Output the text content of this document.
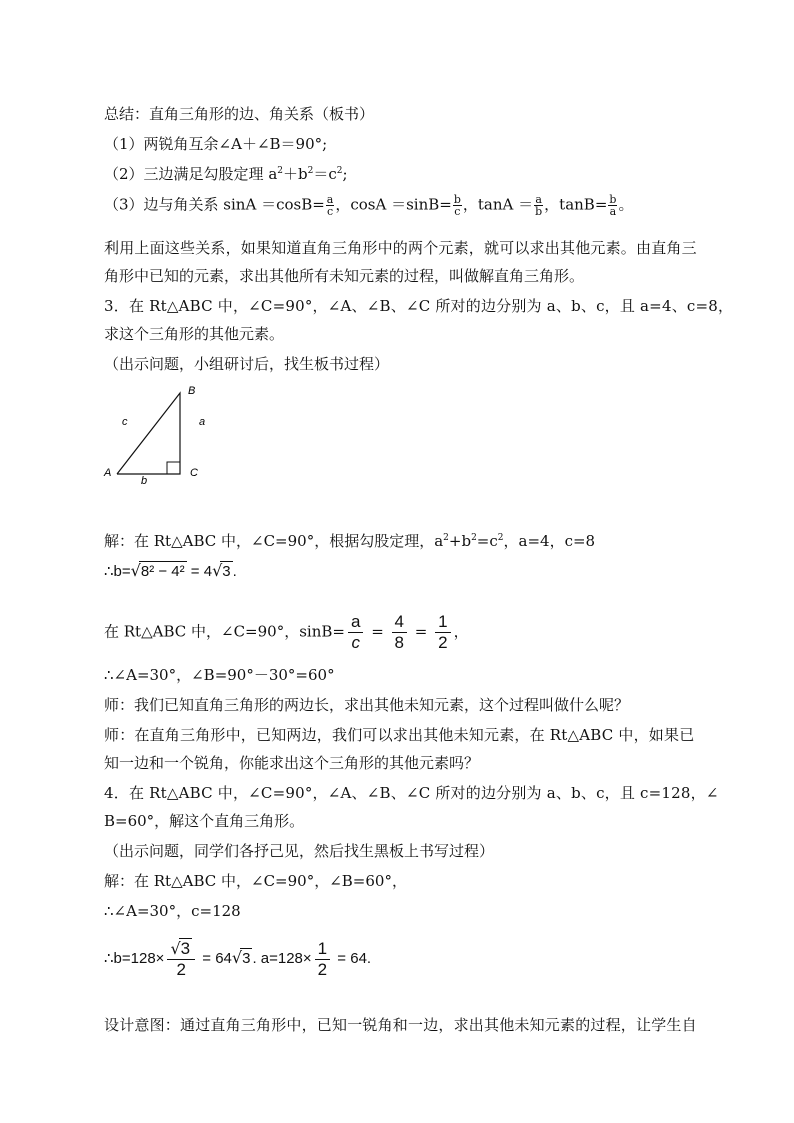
总结：直角三角形的边、角关系（板书）
（1）两锐角互余∠A＋∠B＝90°;
（2）三边满足勾股定理 $a^2+b^2=c^2$;
（3）边与角关系 $\sin A =\cos B= \frac{a}{c}$ ，$\cos A =\sin B= \frac{b}{c}$ ，$\tan A = \frac{a}{b}$ ，$\tan B= \frac{b}{a}$ 。
利用上面这些关系，如果知道直角三角形中的两个元素，就可以求出其他元素。由直角三
角形中已知的元素，求出其他所有未知元素的过程，叫做解直角三角形。
3．在 Rt△ABC 中，∠C=90°，∠A、∠B、∠C 所对的边分别为 a、b、c，且 a=4、c=8，
求这个三角形的其他元素。
（出示问题，小组研讨后，找生板书过程）
B
A	C
c	a
b
解：在 Rt△ABC 中，∠C=90°，根据勾股定理，$a^2+b^2=c^2$，a=4，c=8
∴b=√8² − 4² = 4√3 .
在 Rt△ABC 中，∠C=90°，$\sin B= \frac{a}{c} = \frac{4}{8} = \frac{1}{2}$ ，
∴∠A=30°，∠B=90°－30°=60°
师：我们已知直角三角形的两边长，求出其他未知元素，这个过程叫做什么呢？
师：在直角三角形中，已知两边，我们可以求出其他未知元素，在 Rt△ABC 中，如果已
知一边和一个锐角，你能求出这个三角形的其他元素吗？
4．在 Rt△ABC 中，∠C=90°，∠A、∠B、∠C 所对的边分别为 a、b、c，且 c=128，∠
B=60°，解这个直角三角形。
（出示问题，同学们各抒己见，然后找生黑板上书写过程）
解：在 Rt△ABC 中，∠C=90°，∠B=60°，
∴∠A=30°，c=128
∴b=128× $\frac{√3}{2} = 64√3$ . $a=128\times \frac{1}{2} = 64$.
设计意图：通过直角三角形中，已知一锐角和一边，求出其他未知元素的过程，让学生自
